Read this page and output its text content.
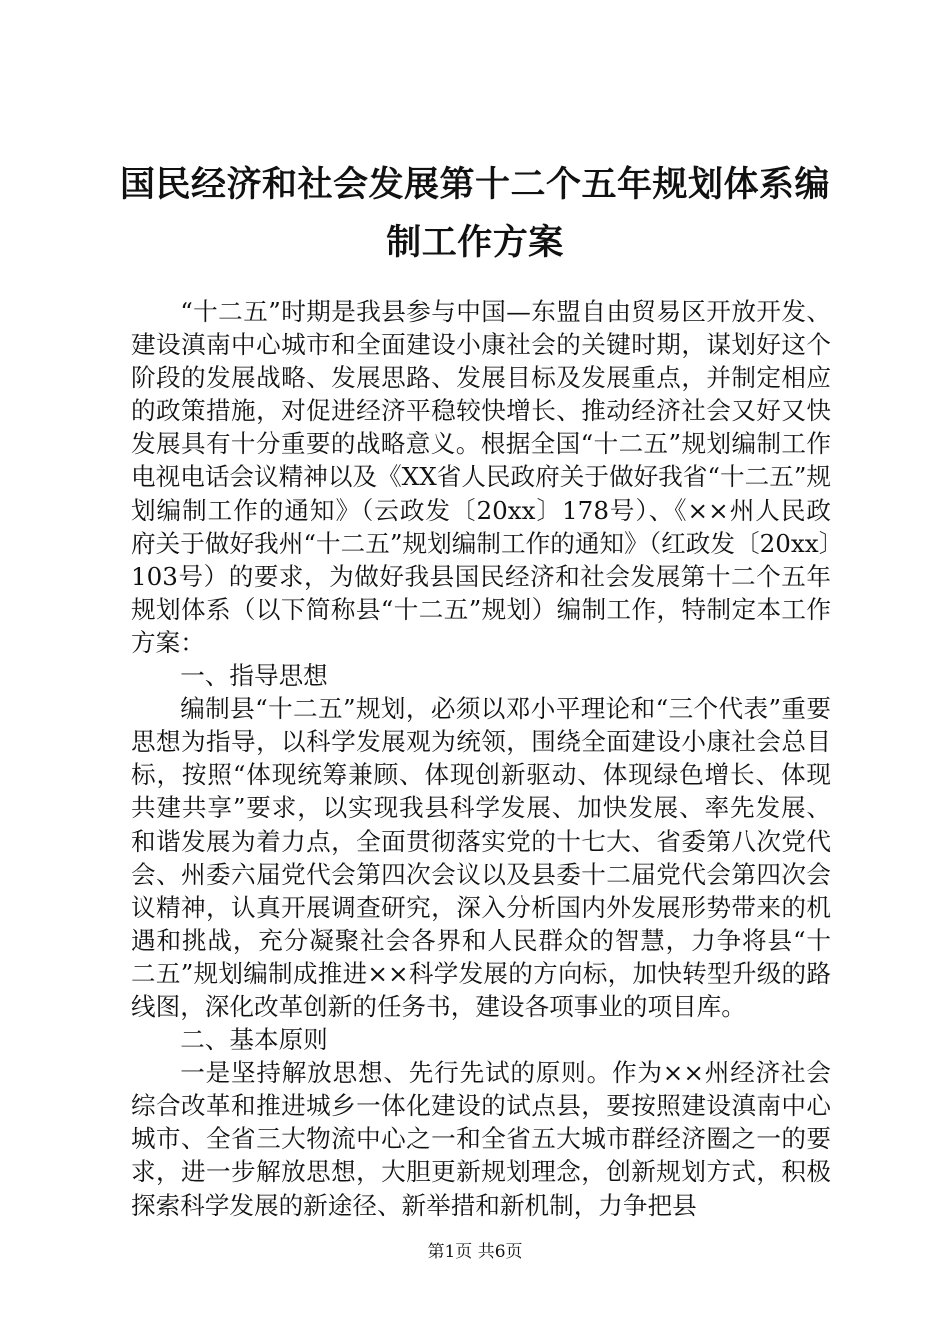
国民经济和社会发展第十二个五年规划体系编
制工作方案

“十二五”时期是我县参与中国—东盟自由贸易区开放开发、建设滇南中心城市和全面建设小康社会的关键时期，谋划好这个阶段的发展战略、发展思路、发展目标及发展重点，并制定相应的政策措施，对促进经济平稳较快增长、推动经济社会又好又快发展具有十分重要的战略意义。根据全国“十二五”规划编制工作电视电话会议精神以及《XX省人民政府关于做好我省“十二五”规划编制工作的通知》（云政发〔20xx〕178号）、《××州人民政府关于做好我州“十二五”规划编制工作的通知》（红政发〔20xx〕103号）的要求，为做好我县国民经济和社会发展第十二个五年规划体系（以下简称县“十二五”规划）编制工作，特制定本工作方案：

一、指导思想

编制县“十二五”规划，必须以邓小平理论和“三个代表”重要思想为指导，以科学发展观为统领，围绕全面建设小康社会总目标，按照“体现统筹兼顾、体现创新驱动、体现绿色增长、体现共建共享”要求，以实现我县科学发展、加快发展、率先发展、和谐发展为着力点，全面贯彻落实党的十七大、省委第八次党代会、州委六届党代会第四次会议以及县委十二届党代会第四次会议精神，认真开展调查研究，深入分析国内外发展形势带来的机遇和挑战，充分凝聚社会各界和人民群众的智慧，力争将县“十二五”规划编制成推进××科学发展的方向标，加快转型升级的路线图，深化改革创新的任务书，建设各项事业的项目库。

二、基本原则

一是坚持解放思想、先行先试的原则。作为××州经济社会综合改革和推进城乡一体化建设的试点县，要按照建设滇南中心城市、全省三大物流中心之一和全省五大城市群经济圈之一的要求，进一步解放思想，大胆更新规划理念，创新规划方式，积极探索科学发展的新途径、新举措和新机制，力争把县

第1页 共6页
